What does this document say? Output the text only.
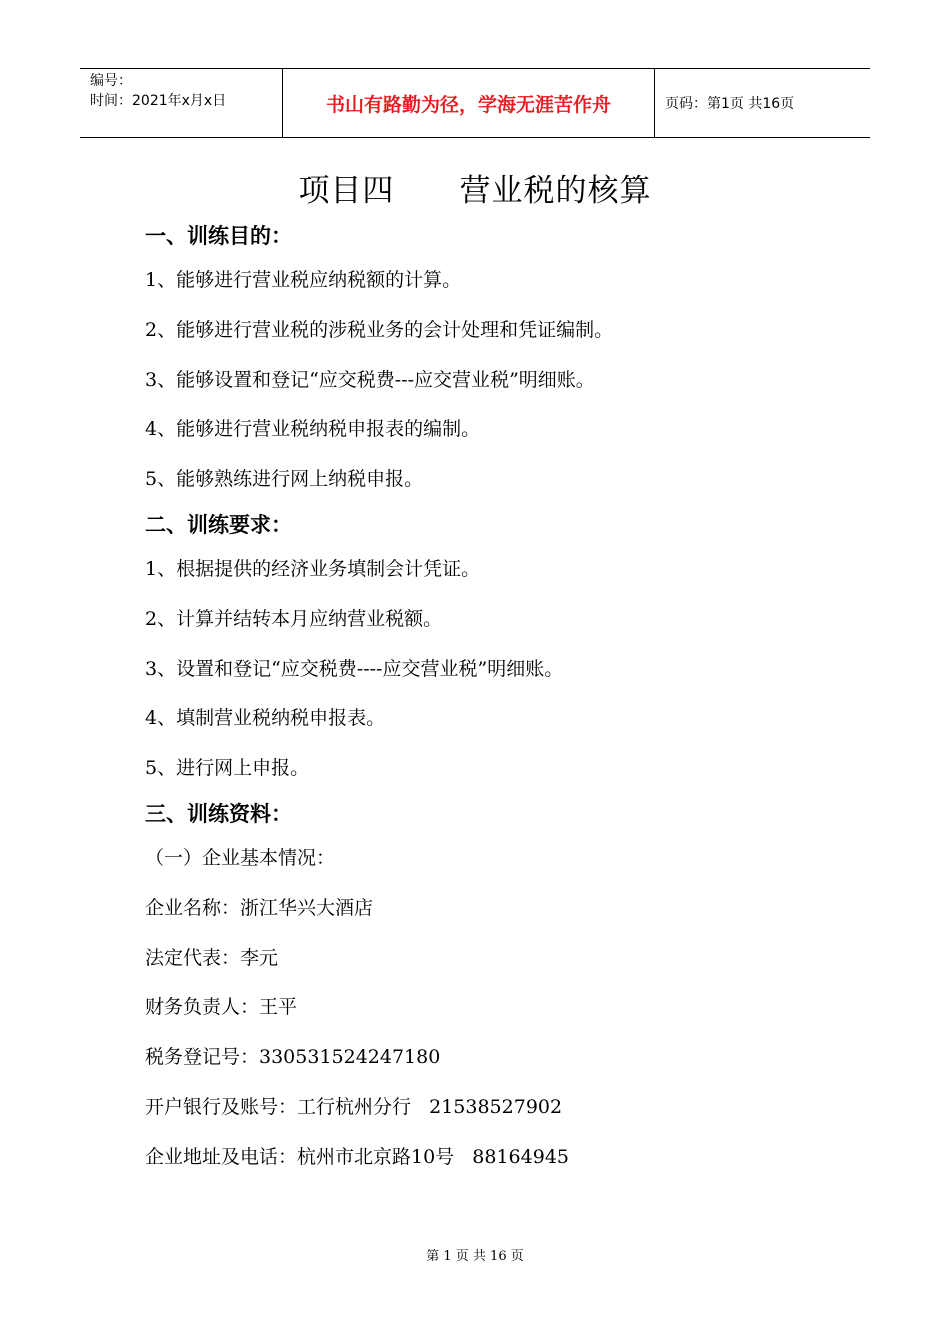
编号：
时间：2021年x月x日	书山有路勤为径，学海无涯苦作舟	页码：第1页 共16页
项目四      营业税的核算
一、训练目的：
1、能够进行营业税应纳税额的计算。
2、能够进行营业税的涉税业务的会计处理和凭证编制。
3、能够设置和登记“应交税费---应交营业税”明细账。
4、能够进行营业税纳税申报表的编制。
5、能够熟练进行网上纳税申报。
二、训练要求：
1、根据提供的经济业务填制会计凭证。
2、计算并结转本月应纳营业税额。
3、设置和登记“应交税费----应交营业税”明细账。
4、填制营业税纳税申报表。
5、进行网上申报。
三、训练资料：
（一）企业基本情况：
企业名称：浙江华兴大酒店
法定代表：李元
财务负责人：王平
税务登记号：330531524247180
开户银行及账号：工行杭州分行   21538527902
企业地址及电话：杭州市北京路10号   88164945
第 1 页 共 16 页
